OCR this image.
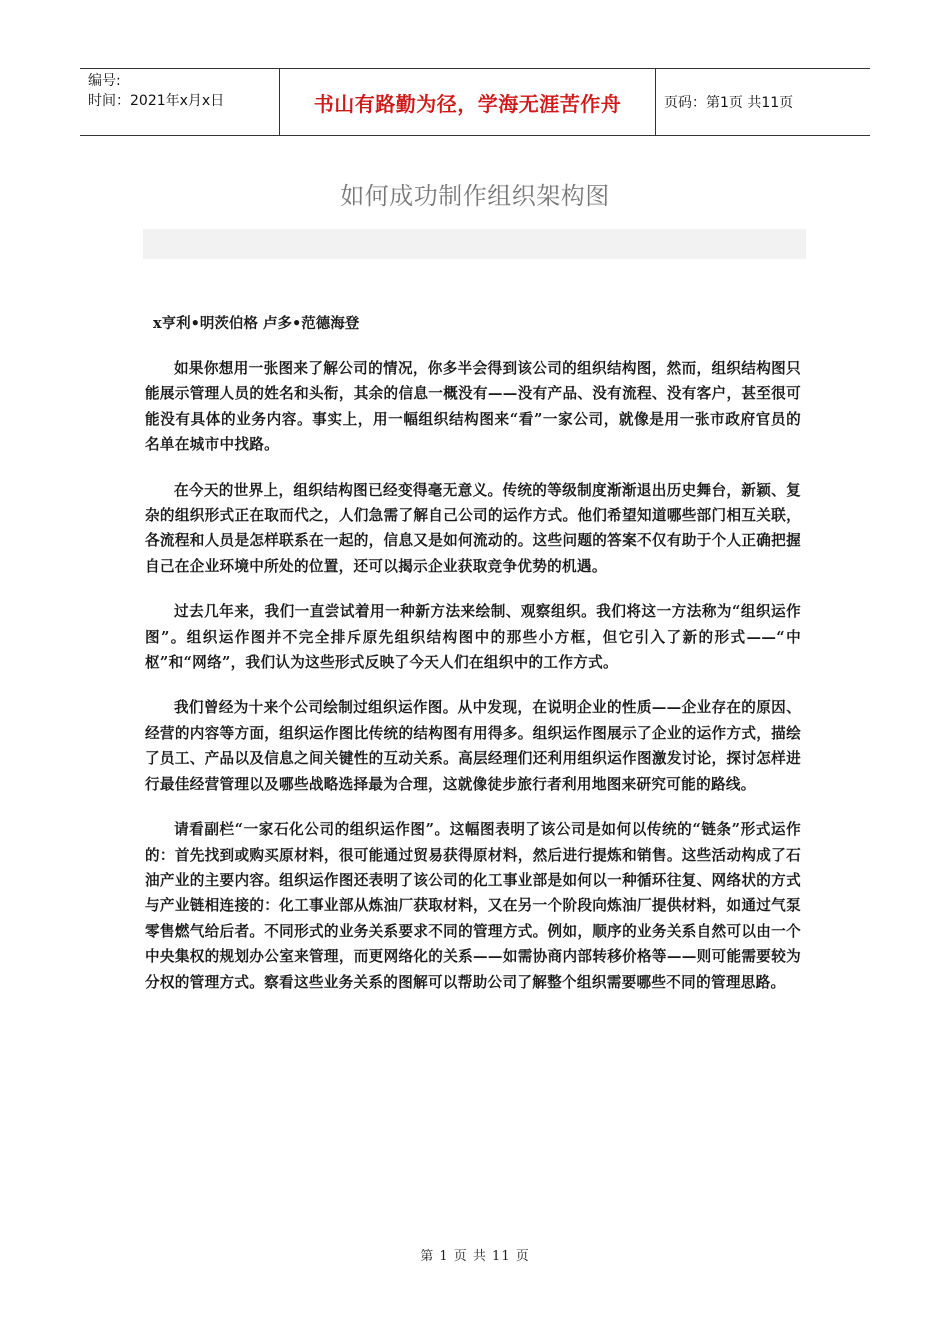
编号:
时间：2021年x月x日	书山有路勤为径，学海无涯苦作舟	页码：第1页 共11页
如何成功制作组织架构图
x亨利•明茨伯格 卢多•范德海登

如果你想用一张图来了解公司的情况，你多半会得到该公司的组织结构图，然而，组织结构图只能展示管理人员的姓名和头衔，其余的信息一概没有——没有产品、没有流程、没有客户，甚至很可能没有具体的业务内容。事实上，用一幅组织结构图来“看”一家公司，就像是用一张市政府官员的名单在城市中找路。

在今天的世界上，组织结构图已经变得毫无意义。传统的等级制度渐渐退出历史舞台，新颖、复杂的组织形式正在取而代之，人们急需了解自己公司的运作方式。他们希望知道哪些部门相互关联，各流程和人员是怎样联系在一起的，信息又是如何流动的。这些问题的答案不仅有助于个人正确把握自己在企业环境中所处的位置，还可以揭示企业获取竞争优势的机遇。

过去几年来，我们一直尝试着用一种新方法来绘制、观察组织。我们将这一方法称为“组织运作图”。组织运作图并不完全排斥原先组织结构图中的那些小方框，但它引入了新的形式——“中枢”和“网络”，我们认为这些形式反映了今天人们在组织中的工作方式。

我们曾经为十来个公司绘制过组织运作图。从中发现，在说明企业的性质——企业存在的原因、经营的内容等方面，组织运作图比传统的结构图有用得多。组织运作图展示了企业的运作方式，描绘了员工、产品以及信息之间关键性的互动关系。高层经理们还利用组织运作图激发讨论，探讨怎样进行最佳经营管理以及哪些战略选择最为合理，这就像徒步旅行者利用地图来研究可能的路线。

请看副栏“一家石化公司的组织运作图”。这幅图表明了该公司是如何以传统的“链条”形式运作的：首先找到或购买原材料，很可能通过贸易获得原材料，然后进行提炼和销售。这些活动构成了石油产业的主要内容。组织运作图还表明了该公司的化工事业部是如何以一种循环往复、网络状的方式与产业链相连接的：化工事业部从炼油厂获取材料，又在另一个阶段向炼油厂提供材料，如通过气泵零售燃气给后者。不同形式的业务关系要求不同的管理方式。例如，顺序的业务关系自然可以由一个中央集权的规划办公室来管理，而更网络化的关系——如需协商内部转移价格等——则可能需要较为分权的管理方式。察看这些业务关系的图解可以帮助公司了解整个组织需要哪些不同的管理思路。

第 1 页 共 11 页
